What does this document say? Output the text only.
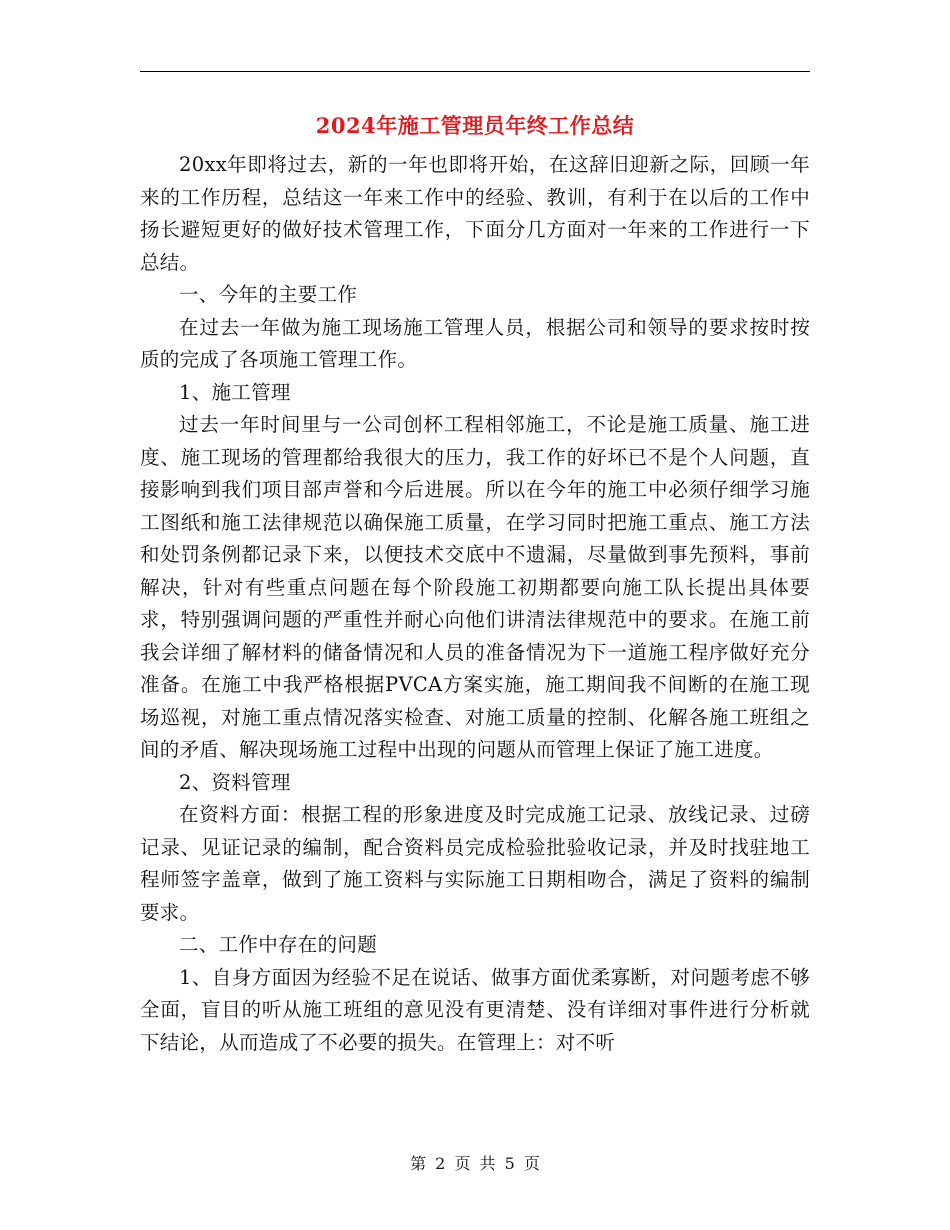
2024年施工管理员年终工作总结

20xx年即将过去，新的一年也即将开始，在这辞旧迎新之际，回顾一年来的工作历程，总结这一年来工作中的经验、教训，有利于在以后的工作中扬长避短更好的做好技术管理工作，下面分几方面对一年来的工作进行一下总结。

一、今年的主要工作

在过去一年做为施工现场施工管理人员，根据公司和领导的要求按时按质的完成了各项施工管理工作。

1、施工管理

过去一年时间里与一公司创杯工程相邻施工，不论是施工质量、施工进度、施工现场的管理都给我很大的压力，我工作的好坏已不是个人问题，直接影响到我们项目部声誉和今后进展。所以在今年的施工中必须仔细学习施工图纸和施工法律规范以确保施工质量，在学习同时把施工重点、施工方法和处罚条例都记录下来，以便技术交底中不遗漏，尽量做到事先预料，事前解决，针对有些重点问题在每个阶段施工初期都要向施工队长提出具体要求，特别强调问题的严重性并耐心向他们讲清法律规范中的要求。在施工前我会详细了解材料的储备情况和人员的准备情况为下一道施工程序做好充分准备。在施工中我严格根据PVCA方案实施，施工期间我不间断的在施工现场巡视，对施工重点情况落实检查、对施工质量的控制、化解各施工班组之间的矛盾、解决现场施工过程中出现的问题从而管理上保证了施工进度。

2、资料管理

在资料方面：根据工程的形象进度及时完成施工记录、放线记录、过磅记录、见证记录的编制，配合资料员完成检验批验收记录，并及时找驻地工程师签字盖章，做到了施工资料与实际施工日期相吻合，满足了资料的编制要求。

二、工作中存在的问题

1、自身方面因为经验不足在说话、做事方面优柔寡断，对问题考虑不够全面，盲目的听从施工班组的意见没有更清楚、没有详细对事件进行分析就下结论，从而造成了不必要的损失。在管理上：对不听

第 2 页 共 5 页
